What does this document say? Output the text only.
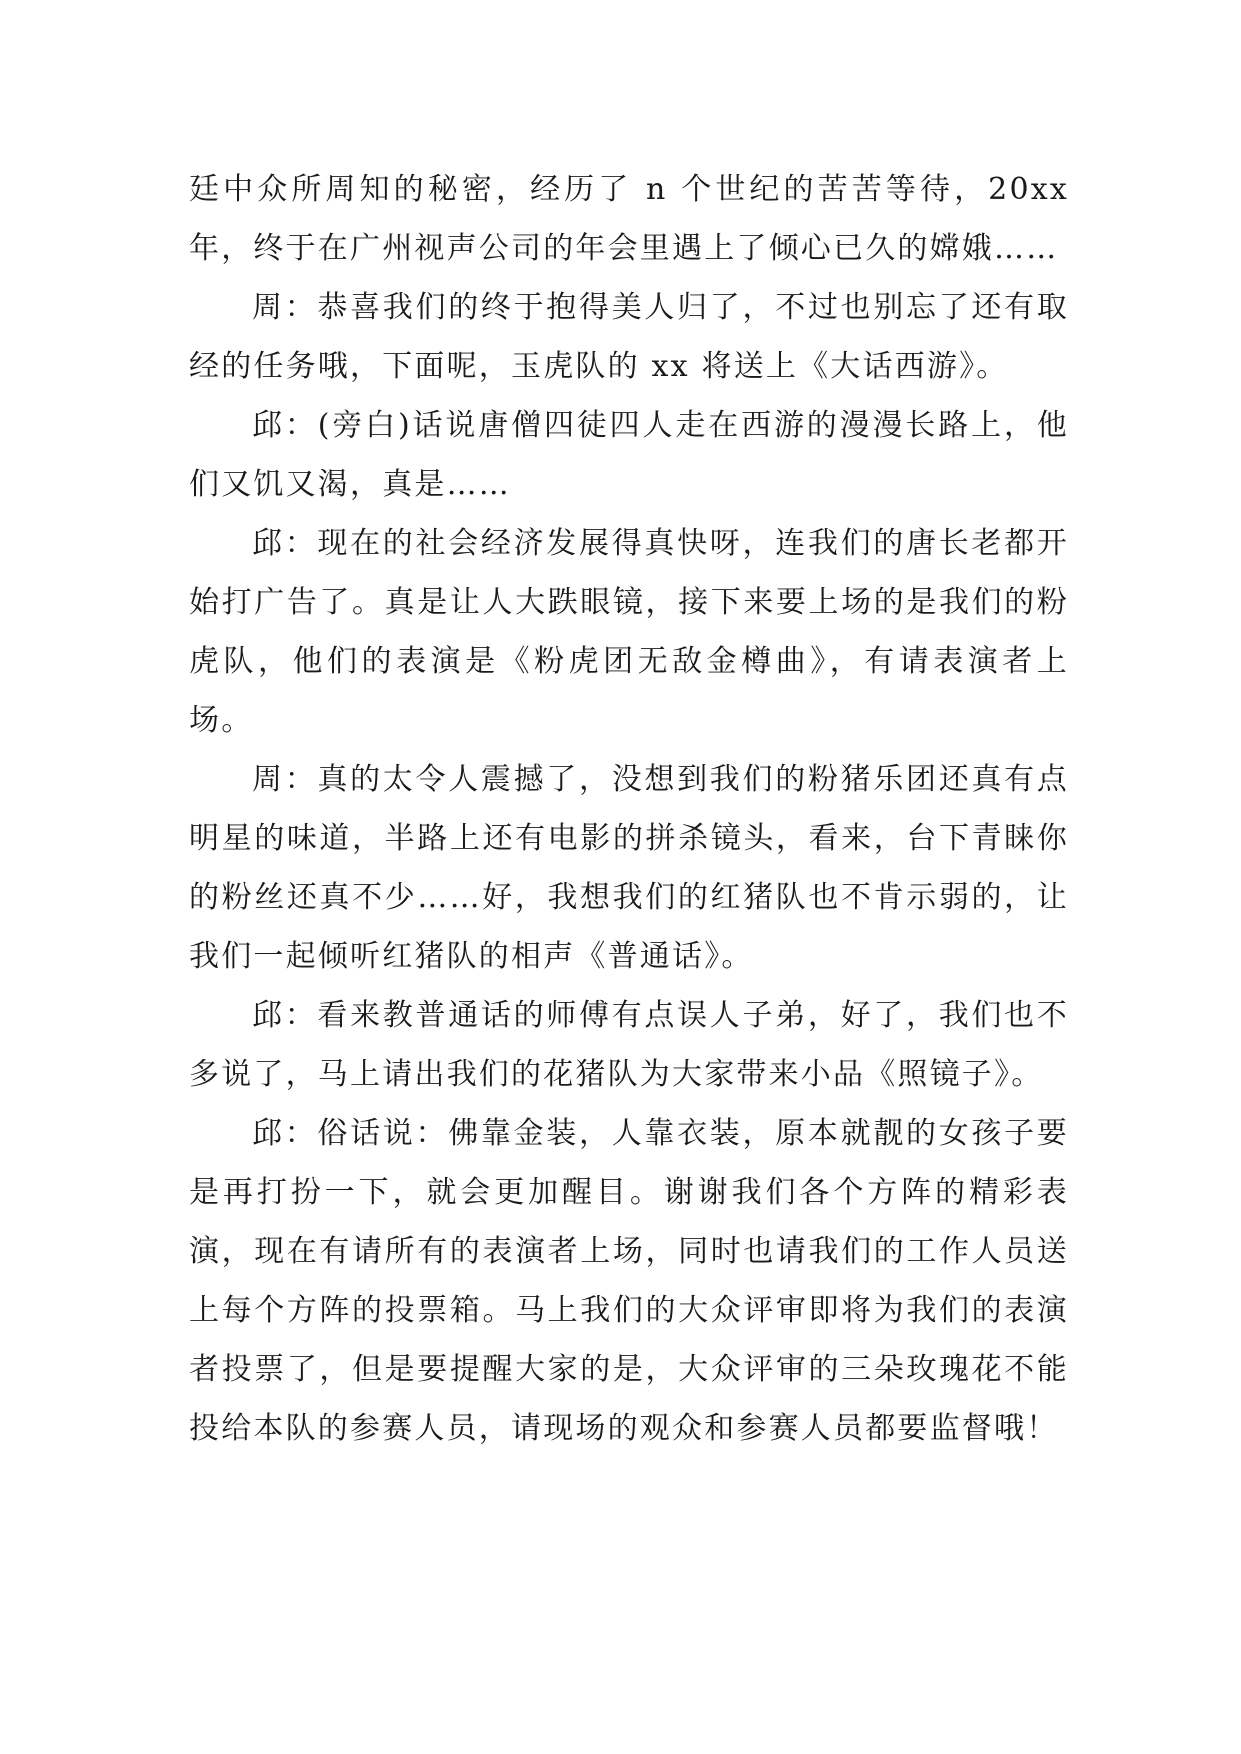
廷中众所周知的秘密，经历了 n 个世纪的苦苦等待，20xx 年，终于在广州视声公司的年会里遇上了倾心已久的嫦娥……

周：恭喜我们的终于抱得美人归了，不过也别忘了还有取经的任务哦，下面呢，玉虎队的 xx 将送上《大话西游》。

邱：(旁白)话说唐僧四徒四人走在西游的漫漫长路上，他们又饥又渴，真是……

邱：现在的社会经济发展得真快呀，连我们的唐长老都开始打广告了。真是让人大跌眼镜，接下来要上场的是我们的粉虎队，他们的表演是《粉虎团无敌金樽曲》，有请表演者上场。

周：真的太令人震撼了，没想到我们的粉猪乐团还真有点明星的味道，半路上还有电影的拼杀镜头，看来，台下青睐你的粉丝还真不少……好，我想我们的红猪队也不肯示弱的，让我们一起倾听红猪队的相声《普通话》。

邱：看来教普通话的师傅有点误人子弟，好了，我们也不多说了，马上请出我们的花猪队为大家带来小品《照镜子》。

邱：俗话说：佛靠金装，人靠衣装，原本就靓的女孩子要是再打扮一下，就会更加醒目。谢谢我们各个方阵的精彩表演，现在有请所有的表演者上场，同时也请我们的工作人员送上每个方阵的投票箱。马上我们的大众评审即将为我们的表演者投票了，但是要提醒大家的是，大众评审的三朵玫瑰花不能投给本队的参赛人员，请现场的观众和参赛人员都要监督哦！
